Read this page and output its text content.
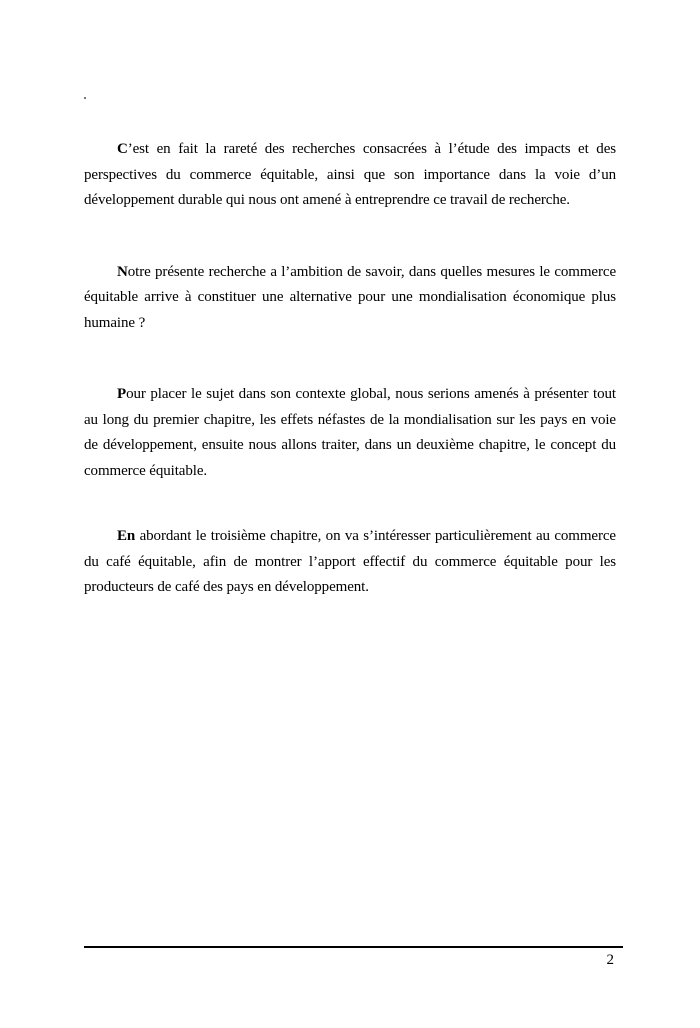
C’est en fait la rareté des recherches consacrées à l’étude des impacts et des perspectives du commerce équitable, ainsi que son importance dans la voie d’un développement durable qui nous ont amené à entreprendre ce travail de recherche.

Notre présente recherche a l’ambition de savoir, dans quelles mesures le commerce équitable arrive à constituer une alternative pour une mondialisation économique plus humaine ?

Pour placer le sujet dans son contexte global, nous serions amenés à présenter tout au long du premier chapitre, les effets néfastes de la mondialisation sur les pays en voie de développement, ensuite nous allons traiter, dans un deuxième chapitre, le concept du commerce équitable.

En abordant le troisième chapitre, on va s’intéresser particulièrement au commerce du café équitable, afin de montrer l’apport effectif du commerce équitable pour les producteurs de café des pays en développement.

2
